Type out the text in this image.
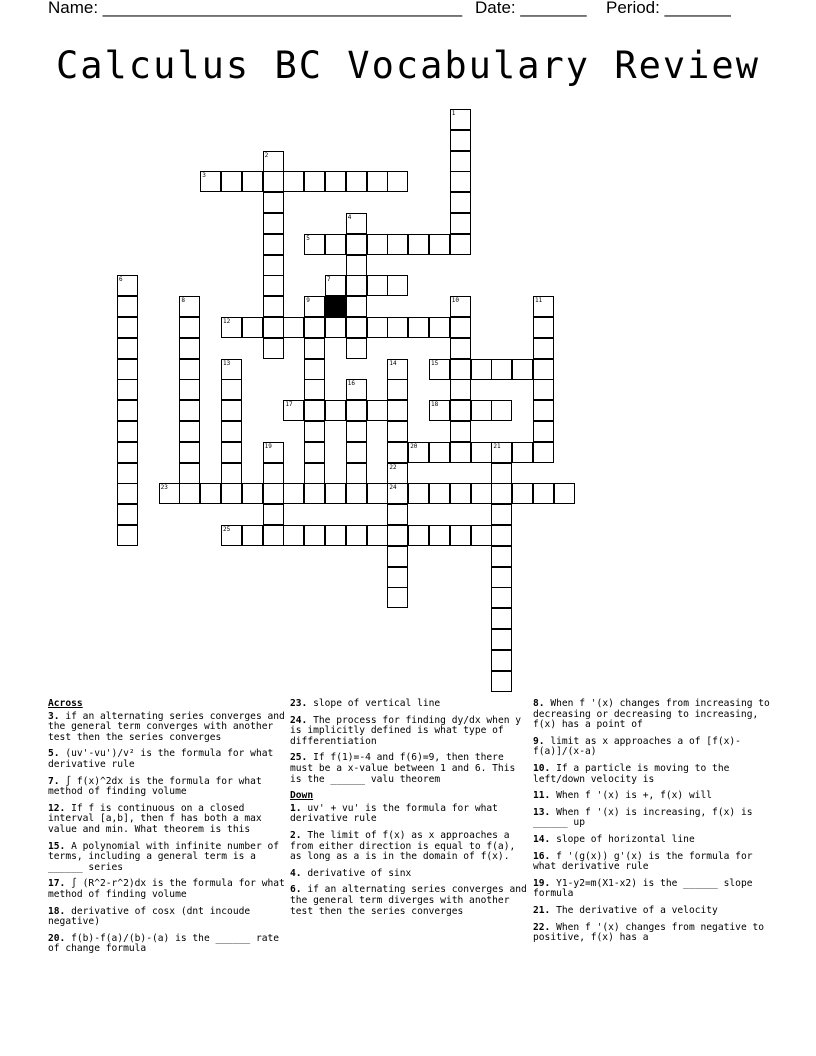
Name: ______________________________________ Date: _______ Period: _______
Calculus BC Vocabulary Review
1
2
3
4
5
6	7
8	9	10	11
12
13	14	15
16
17	18
19	20	21
22
23	24
25
Across
3. if an alternating series converges and the general term converges with another test then the series converges
5. (uv'-vu')/v² is the formula for what derivative rule
7. ∫ f(x)^2dx is the formula for what method of finding volume
12. If f is continuous on a closed interval [a,b], then f has both a max value and min. What theorem is this
15. A polynomial with infinite number of terms, including a general term is a ______ series
17. ∫ (R^2-r^2)dx is the formula for what method of finding volume
18. derivative of cosx (dnt incoude negative)
20. f(b)-f(a)/(b)-(a) is the ______ rate of change formula
23. slope of vertical line
24. The process for finding dy/dx when y is implicitly defined is what type of differentiation
25. If f(1)=-4 and f(6)=9, then there must be a x-value between 1 and 6. This is the ______ valu theorem
Down
1. uv' + vu' is the formula for what derivative rule
2. The limit of f(x) as x approaches a from either direction is equal to f(a), as long as a is in the domain of f(x).
4. derivative of sinx
6. if an alternating series converges and the general term diverges with another test then the series converges
8. When f '(x) changes from increasing to decreasing or decreasing to increasing, f(x) has a point of
9. limit as x approaches a of [f(x)-f(a)]/(x-a)
10. If a particle is moving to the left/down velocity is
11. When f '(x) is +, f(x) will
13. When f '(x) is increasing, f(x) is ______ up
14. slope of horizontal line
16. f '(g(x)) g'(x) is the formula for what derivative rule
19. Y1-y2=m(X1-x2) is the ______ slope formula
21. The derivative of a velocity
22. When f '(x) changes from negative to positive, f(x) has a
